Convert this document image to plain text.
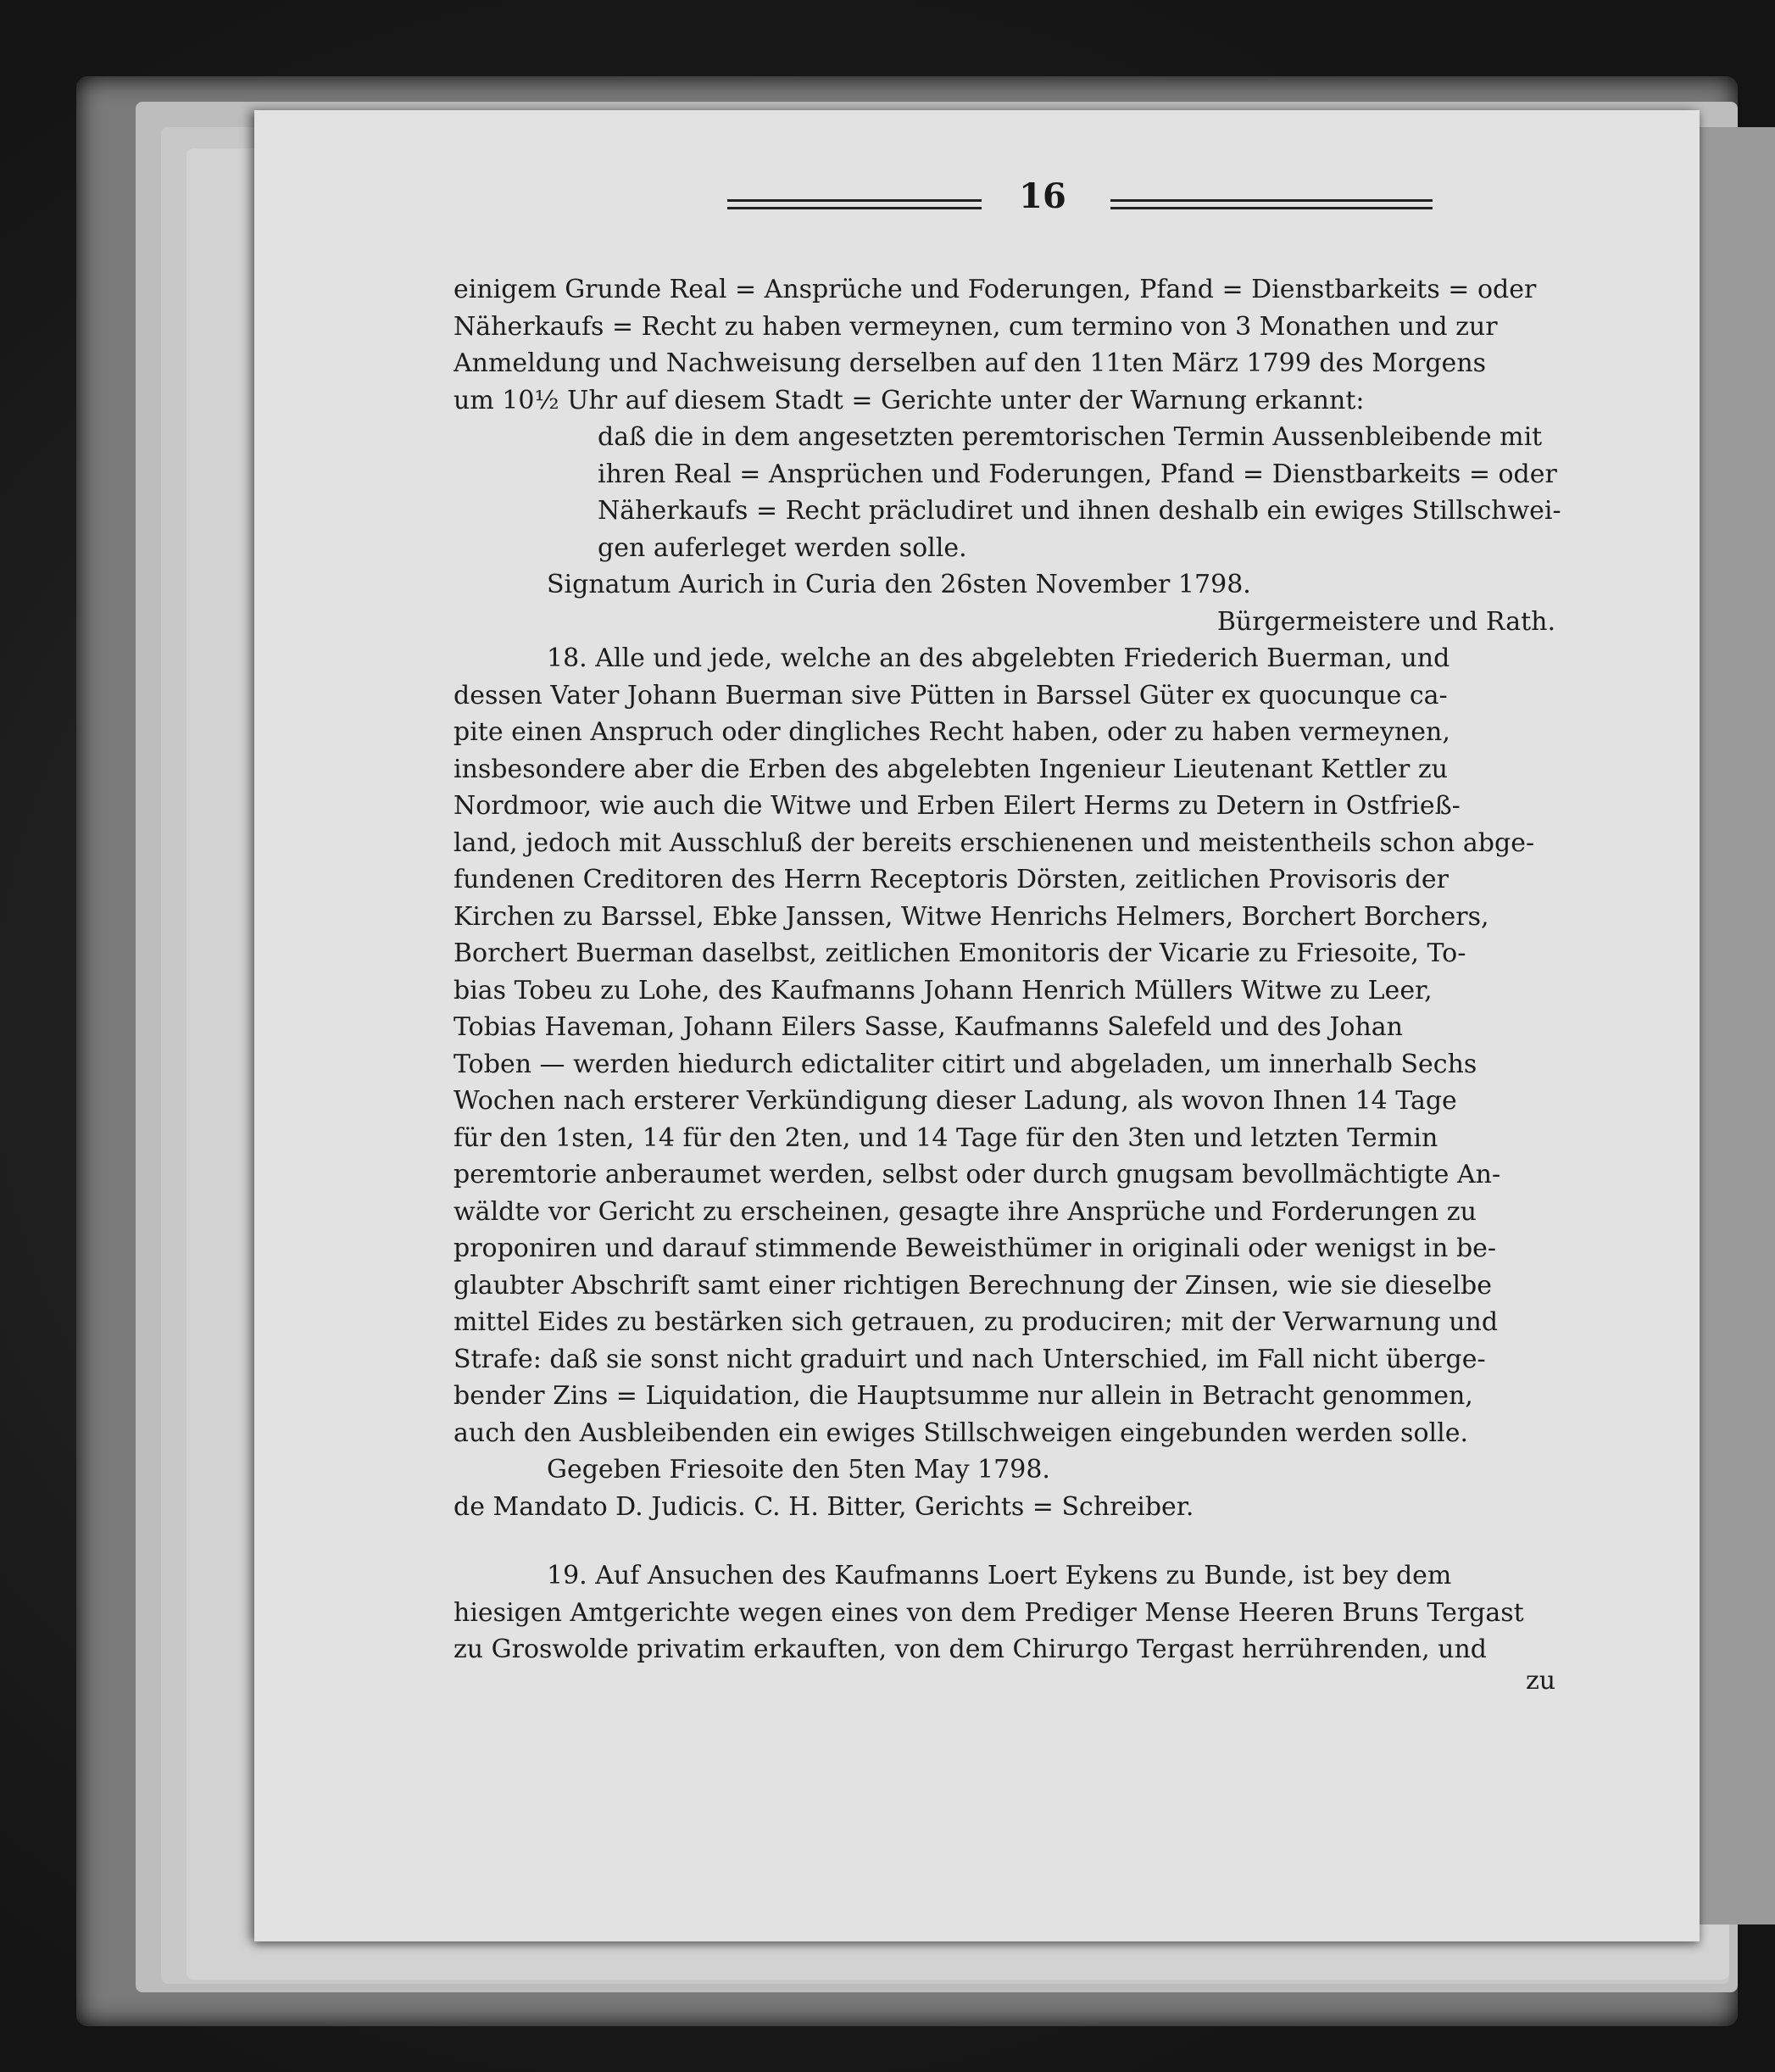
16
einigem Grunde Real = Ansprüche und Foderungen, Pfand = Dienstbarkeits = oder
Näherkaufs = Recht zu haben vermeynen, cum termino von 3 Monathen und zur
Anmeldung und Nachweisung derselben auf den 11ten März 1799 des Morgens
um 10½ Uhr auf diesem Stadt = Gerichte unter der Warnung erkannt:
daß die in dem angesetzten peremtorischen Termin Aussenbleibende mit
ihren Real = Ansprüchen und Foderungen, Pfand = Dienstbarkeits = oder
Näherkaufs = Recht präcludiret und ihnen deshalb ein ewiges Stillschwei-
gen auferleget werden solle.
Signatum Aurich in Curia den 26sten November 1798.
Bürgermeistere und Rath.
18. Alle und jede, welche an des abgelebten Friederich Buerman, und
dessen Vater Johann Buerman sive Pütten in Barssel Güter ex quocunque ca-
pite einen Anspruch oder dingliches Recht haben, oder zu haben vermeynen,
insbesondere aber die Erben des abgelebten Ingenieur Lieutenant Kettler zu
Nordmoor, wie auch die Witwe und Erben Eilert Herms zu Detern in Ostfrieß-
land, jedoch mit Ausschluß der bereits erschienenen und meistentheils schon abge-
fundenen Creditoren des Herrn Receptoris Dörsten, zeitlichen Provisoris der
Kirchen zu Barssel, Ebke Janssen, Witwe Henrichs Helmers, Borchert Borchers,
Borchert Buerman daselbst, zeitlichen Emonitoris der Vicarie zu Friesoite, To-
bias Tobeu zu Lohe, des Kaufmanns Johann Henrich Müllers Witwe zu Leer,
Tobias Haveman, Johann Eilers Sasse, Kaufmanns Salefeld und des Johan
Toben — werden hiedurch edictaliter citirt und abgeladen, um innerhalb Sechs
Wochen nach ersterer Verkündigung dieser Ladung, als wovon Ihnen 14 Tage
für den 1sten, 14 für den 2ten, und 14 Tage für den 3ten und letzten Termin
peremtorie anberaumet werden, selbst oder durch gnugsam bevollmächtigte An-
wäldte vor Gericht zu erscheinen, gesagte ihre Ansprüche und Forderungen zu
proponiren und darauf stimmende Beweisthümer in originali oder wenigst in be-
glaubter Abschrift samt einer richtigen Berechnung der Zinsen, wie sie dieselbe
mittel Eides zu bestärken sich getrauen, zu produciren; mit der Verwarnung und
Strafe: daß sie sonst nicht graduirt und nach Unterschied, im Fall nicht überge-
bender Zins = Liquidation, die Hauptsumme nur allein in Betracht genommen,
auch den Ausbleibenden ein ewiges Stillschweigen eingebunden werden solle.
Gegeben Friesoite den 5ten May 1798.
de Mandato D. Judicis. C. H. Bitter, Gerichts = Schreiber.
19. Auf Ansuchen des Kaufmanns Loert Eykens zu Bunde, ist bey dem
hiesigen Amtgerichte wegen eines von dem Prediger Mense Heeren Bruns Tergast
zu Groswolde privatim erkauften, von dem Chirurgo Tergast herrührenden, und
zu
